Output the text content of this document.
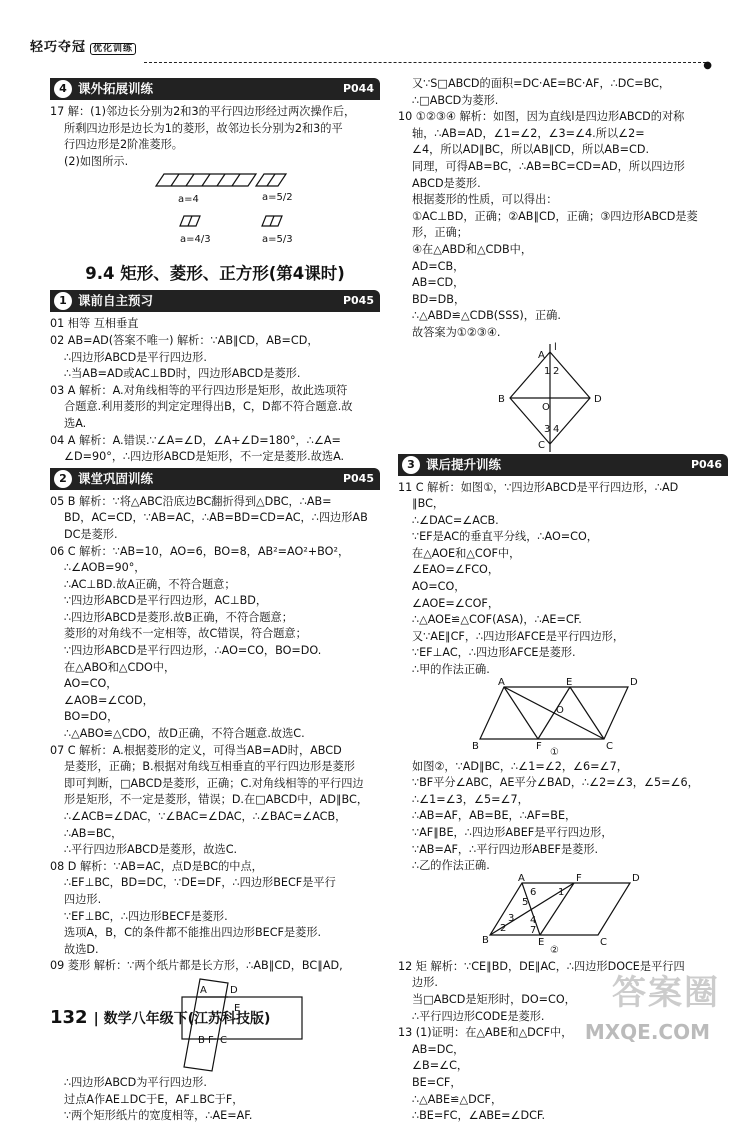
轻巧夺冠 优化训练
●
4 课外拓展训练	P044
17 解：(1)邻边长分别为2和3的平行四边形经过两次操作后，
所剩四边形是边长为1的菱形，故邻边长分别为2和3的平
行四边形是2阶准菱形。
(2)如图所示.
a=4	a=5/2
a=4/3	a=5/3
9.4 矩形、菱形、正方形(第4课时)
1 课前自主预习	P045
01 相等 互相垂直
02 AB=AD(答案不唯一) 解析：∵AB∥CD，AB=CD，
∴四边形ABCD是平行四边形.
∴当AB=AD或AC⊥BD时，四边形ABCD是菱形.
03 A 解析：A.对角线相等的平行四边形是矩形，故此选项符
合题意.利用菱形的判定定理得出B，C，D都不符合题意.故
选A.
04 A 解析：A.错误.∵∠A=∠D，∠A+∠D=180°，∴∠A=
∠D=90°，∴四边形ABCD是矩形，不一定是菱形.故选A.
2 课堂巩固训练	P045
05 B 解析：∵将△ABC沿底边BC翻折得到△DBC，∴AB=
BD，AC=CD，∵AB=AC，∴AB=BD=CD=AC，∴四边形AB
DC是菱形.
06 C 解析：∵AB=10，AO=6，BO=8，AB²=AO²+BO²，
∴∠AOB=90°，
∴AC⊥BD.故A正确，不符合题意；
∵四边形ABCD是平行四边形，AC⊥BD，
∴四边形ABCD是菱形.故B正确，不符合题意；
菱形的对角线不一定相等，故C错误，符合题意；
∵四边形ABCD是平行四边形，∴AO=CO，BO=DO.
在△ABO和△CDO中，
AO=CO，
∠AOB=∠COD，
BO=DO，
∴△ABO≌△CDO，故D正确，不符合题意.故选C.
07 C 解析：A.根据菱形的定义，可得当AB=AD时，ABCD
是菱形，正确；B.根据对角线互相垂直的平行四边形是菱形
即可判断，□ABCD是菱形，正确；C.对角线相等的平行四边
形是矩形，不一定是菱形，错误；D.在□ABCD中，AD∥BC，
∴∠ACB=∠DAC，∵∠BAC=∠DAC，∴∠BAC=∠ACB，
∴AB=BC，
∴平行四边形ABCD是菱形，故选C.
08 D 解析：∵AB=AC，点D是BC的中点，
∴EF⊥BC，BD=DC，∵DE=DF，∴四边形BECF是平行
四边形.
∵EF⊥BC，∴四边形BECF是菱形.
选项A，B，C的条件都不能推出四边形BECF是菱形.
故选D.
09 菱形 解析：∵两个纸片都是长方形，∴AB∥CD，BC∥AD,
A D
E
B F C
∴四边形ABCD为平行四边形.
过点A作AE⊥DC于E，AF⊥BC于F，
∵两个矩形纸片的宽度相等，∴AE=AF.
又∵S□ABCD的面积=DC·AE=BC·AF，∴DC=BC，
∴□ABCD为菱形.
10 ①②③④ 解析：如图，因为直线l是四边形ABCD的对称
轴，∴AB=AD，∠1=∠2，∠3=∠4.所以∠2=
∠4，所以AD∥BC，所以AB∥CD，所以AB=CD.
同理，可得AB=BC，∴AB=BC=CD=AD，所以四边形
ABCD是菱形.
根据菱形的性质，可以得出：
①AC⊥BD，正确；②AB∥CD，正确；③四边形ABCD是菱
形，正确；
④在△ABD和△CDB中，
AD=CB，
AB=CD，
BD=DB，
∴△ABD≌△CDB(SSS)，正确.
故答案为①②③④.
l
A
B	D
O
C
1 2
3 4
3 课后提升训练	P046
11 C 解析：如图①，∵四边形ABCD是平行四边形，∴AD
∥BC，
∴∠DAC=∠ACB.
∵EF是AC的垂直平分线，∴AO=CO，
在△AOE和△COF中，
∠EAO=∠FCO，
AO=CO，
∠AOE=∠COF，
∴△AOE≌△COF(ASA)，∴AE=CF.
又∵AE∥CF，∴四边形AFCE是平行四边形，
∵EF⊥AC，∴四边形AFCE是菱形.
∴甲的作法正确.
A	E	D
O
B	F	C
①
如图②，∵AD∥BC，∴∠1=∠2，∠6=∠7，
∵BF平分∠ABC，AE平分∠BAD，∴∠2=∠3，∠5=∠6，
∴∠1=∠3，∠5=∠7，
∴AB=AF，AB=BE，∴AF=BE，
∵AF∥BE，∴四边形ABEF是平行四边形，
∵AB=AF，∴平行四边形ABEF是菱形.
∴乙的作法正确.
A	F	D
B	E	C
②
1
2
3 4
5
6
7
12 矩 解析：∵CE∥BD，DE∥AC，∴四边形DOCE是平行四
边形.
当□ABCD是矩形时，DO=CO，
∴平行四边形CODE是菱形.
13 (1)证明：在△ABE和△DCF中，
AB=DC，
∠B=∠C，
BE=CF，
∴△ABE≌△DCF，
∴BE=FC，∠ABE=∠DCF.
132 | 数学八年级下(江苏科技版)
答案圈
MXQE.COM
